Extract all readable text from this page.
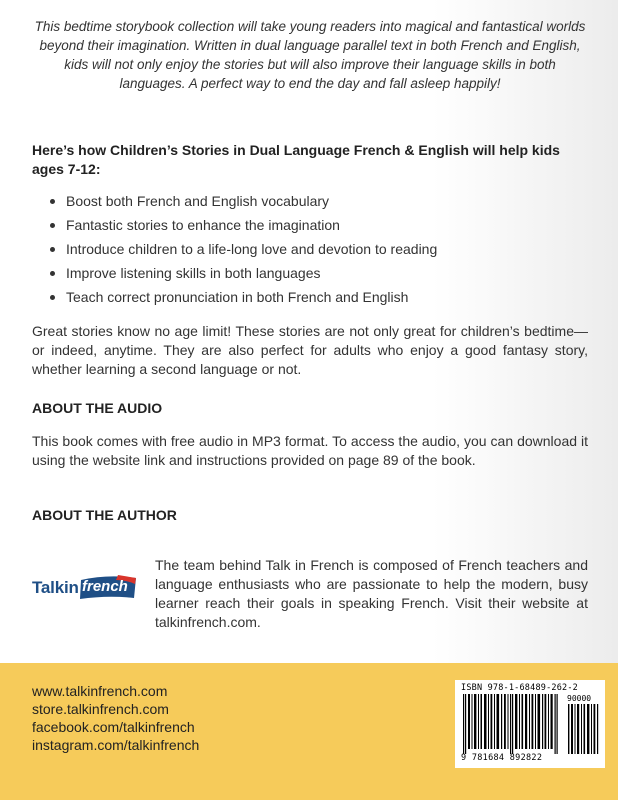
This bedtime storybook collection will take young readers into magical and fantastical worlds beyond their imagination. Written in dual language parallel text in both French and English, kids will not only enjoy the stories but will also improve their language skills in both languages. A perfect way to end the day and fall asleep happily!

Here’s how Children’s Stories in Dual Language French & English will help kids ages 7-12:

Boost both French and English vocabulary
Fantastic stories to enhance the imagination
Introduce children to a life-long love and devotion to reading
Improve listening skills in both languages
Teach correct pronunciation in both French and English

Great stories know no age limit! These stories are not only great for children’s bedtime—or indeed, anytime. They are also perfect for adults who enjoy a good fantasy story, whether learning a second language or not.

ABOUT THE AUDIO

This book comes with free audio in MP3 format. To access the audio, you can download it using the website link and instructions provided on page 89 of the book.

ABOUT THE AUTHOR
Talkin french

The team behind Talk in French is composed of French teachers and language enthusiasts who are passionate to help the modern, busy learner reach their goals in speaking French. Visit their website at talkinfrench.com.

www.talkinfrench.com
store.talkinfrench.com
facebook.com/talkinfrench
instagram.com/talkinfrench
ISBN 978-1-68489-262-2
90000
9 781684 892822
